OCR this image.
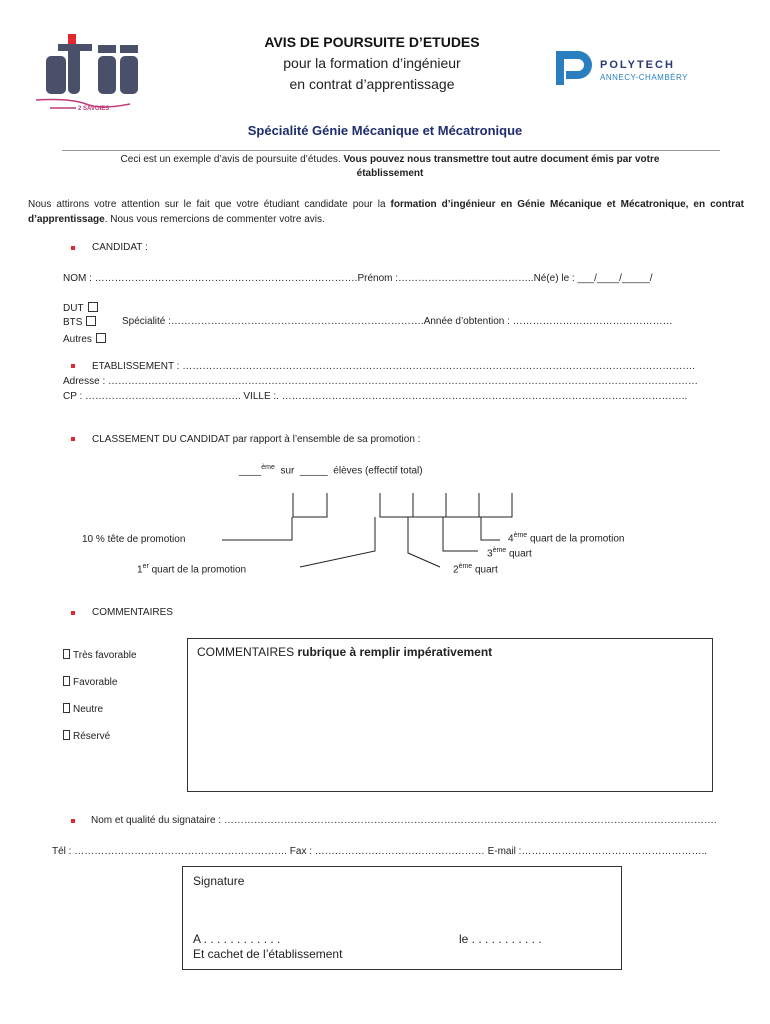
2 SAVOIES
AVIS DE POURSUITE D’ETUDES
pour la formation d’ingénieur
en contrat d’apprentissage
POLYTECH
ANNECY-CHAMBÉRY
Spécialité Génie Mécanique et Mécatronique
Ceci est un exemple d’avis de poursuite d’études. Vous pouvez nous transmettre tout autre document émis par votre établissement
Nous attirons votre attention sur le fait que votre étudiant candidate pour la formation d’ingénieur en Génie Mécanique et Mécatronique, en contrat d’apprentissage. Nous vous remercions de commenter votre avis.
CANDIDAT :
NOM : …………………………………………………………………….Prénom :…………………………………..Né(e) le : ___/____/_____/
DUT
BTS	Spécialité :………………………………………………………………….Année d’obtention : …………………………………………
Autres
ETABLISSEMENT : ……………………………………………………………………………………………………………………………………….
Adresse : ……………………………………………………………………………………………………………………………………………………………
CP : ……………………………………….. VILLE :. …………………………………………………………………………………………………………..
CLASSEMENT DU CANDIDAT par rapport à l’ensemble de sa promotion :
____$^{ème}$ sur _____ élèves (effectif total)
10 % tête de promotion
1er quart de la promotion	2ème quart
3ème quart
4ème quart de la promotion
COMMENTAIRES
Très favorable
Favorable
Neutre
Réservé
COMMENTAIRES rubrique à remplir impérativement
Nom et qualité du signataire : ………………………………………………………………………………………………………………………………….
Tél : ………………………………………………………. Fax : …………………………………………… E-mail :………………………………………………..
Signature
A . . . . . . . . . . . .	le . . . . . . . . . . .
Et cachet de l’établissement
